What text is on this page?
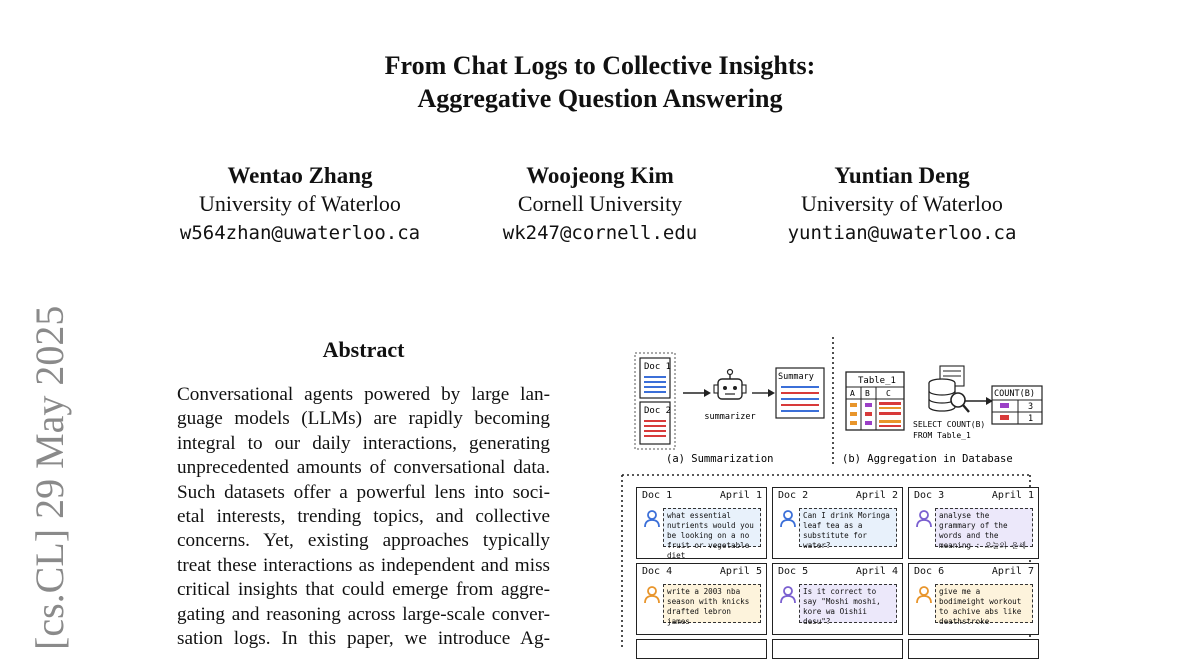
From Chat Logs to Collective Insights:
Aggregative Question Answering
Wentao Zhang
University of Waterloo
w564zhan@uwaterloo.ca
Woojeong Kim
Cornell University
wk247@cornell.edu
Yuntian Deng
University of Waterloo
yuntian@uwaterloo.ca
[cs.CL] 29 May 2025	Abstract
Conversational agents powered by large lan-
guage models (LLMs) are rapidly becoming
integral to our daily interactions, generating
unprecedented amounts of conversational data.
Such datasets offer a powerful lens into soci-
etal interests, trending topics, and collective
concerns. Yet, existing approaches typically
treat these interactions as independent and miss
critical insights that could emerge from aggre-
gating and reasoning across large-scale conver-
sation logs. In this paper, we introduce Ag-
Doc 1
Doc 2
summarizer
Summary
(a) Summarization
Table_1
A B C
SELECT COUNT(B)
FROM Table_1
COUNT(B)
3
1
(b) Aggregation in Database
Doc 1	April 1
what essential nutrients would you be looking on a no fruit or vegetable diet
Doc 2	April 2
Can I drink Moringa leaf tea as a substitute for water?
Doc 3	April 1
analyse the grammary of the words and the meaning : 오늘의 운세
Doc 4	April 5
write a 2003 nba season with knicks drafted lebron james
Doc 5	April 4
Is it correct to say "Moshi moshi, kore wa Oishii desu"?
Doc 6	April 7
give me a bodimeight workout to achive abs like deathstroke
